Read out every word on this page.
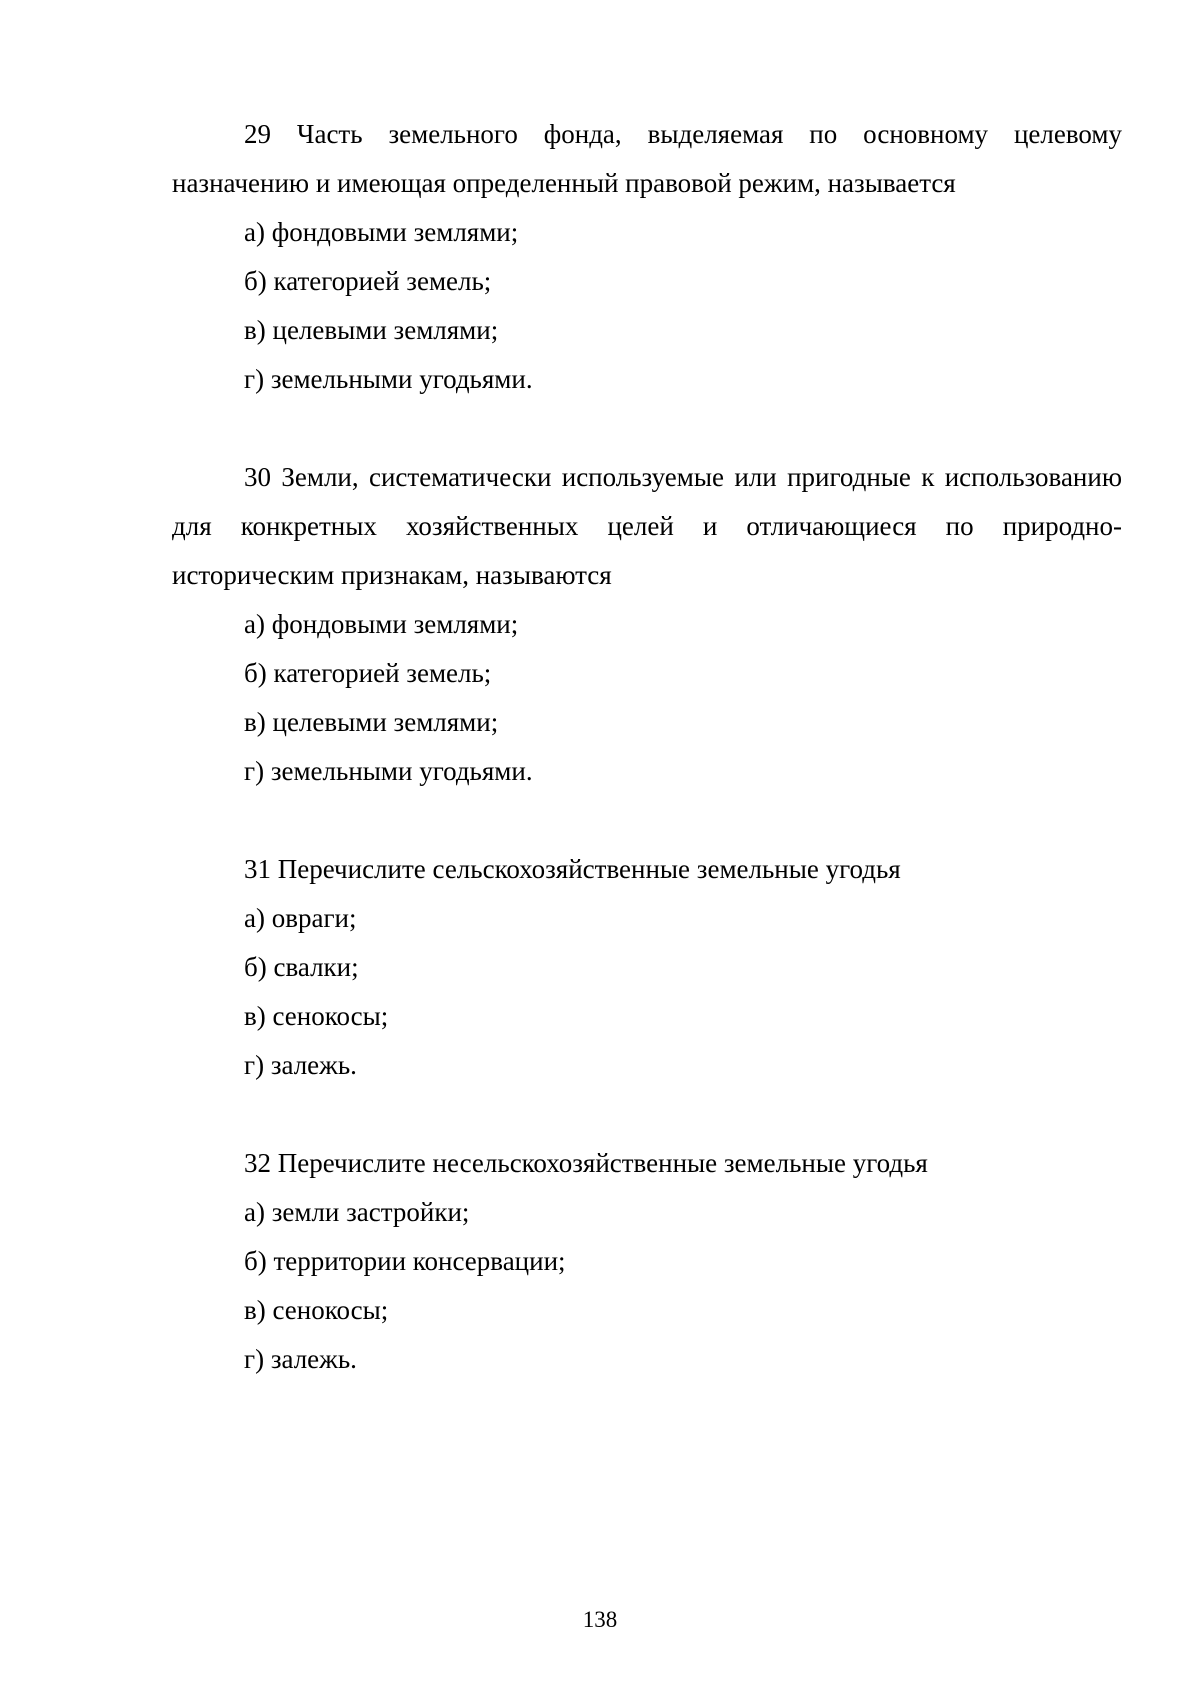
29 Часть земельного фонда, выделяемая по основному целевому назначению и имеющая определенный правовой режим, называется

а) фондовыми землями;
б) категорией земель;
в) целевыми землями;
г) земельными угодьями.

30 Земли, систематически используемые или пригодные к использованию для конкретных хозяйственных целей и отличающиеся по природно-историческим признакам, называются

а) фондовыми землями;
б) категорией земель;
в) целевыми землями;
г) земельными угодьями.

31 Перечислите сельскохозяйственные земельные угодья

а) овраги;
б) свалки;
в) сенокосы;
г) залежь.

32 Перечислите несельскохозяйственные земельные угодья

а) земли застройки;
б) территории консервации;
в) сенокосы;
г) залежь.
138
